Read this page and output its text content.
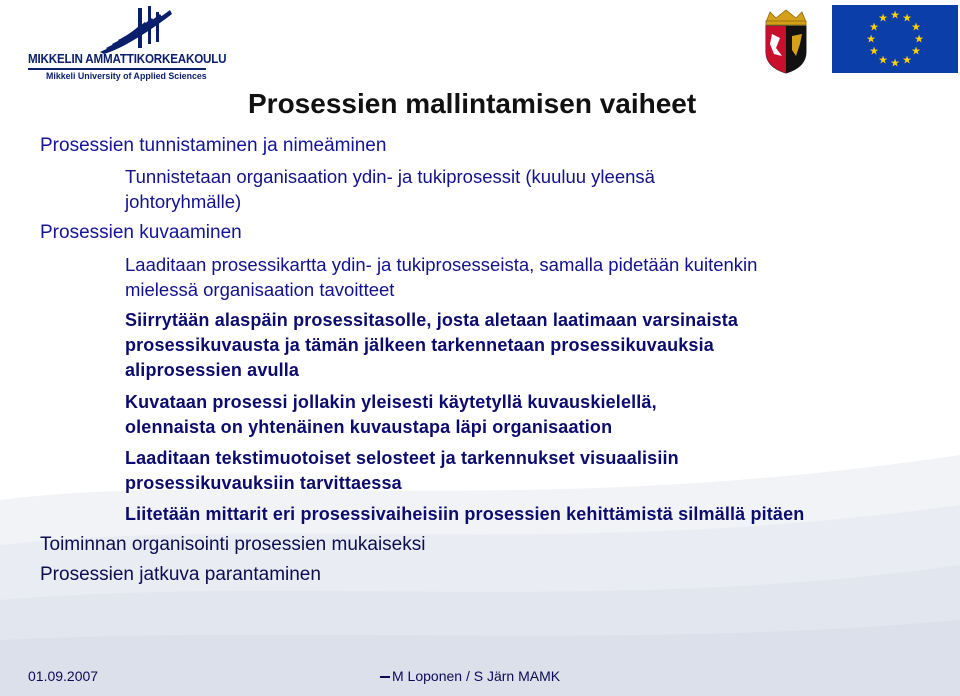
MIKKELIN AMMATTIKORKEAKOULU
Mikkeli University of Applied Sciences
★ ★
★
★
★
★
★
★
★
★
★
★
Prosessien mallintamisen vaiheet
Prosessien tunnistaminen ja nimeäminen
Tunnistetaan organisaation ydin- ja tukiprosessit (kuuluu yleensä
johtoryhmälle)
Prosessien kuvaaminen
Laaditaan prosessikartta ydin- ja tukiprosesseista, samalla pidetään kuitenkin
mielessä organisaation tavoitteet
Siirrytään alaspäin prosessitasolle, josta aletaan laatimaan varsinaista
prosessikuvausta ja tämän jälkeen tarkennetaan prosessikuvauksia
aliprosessien avulla
Kuvataan prosessi jollakin yleisesti käytetyllä kuvauskielellä,
olennaista on yhtenäinen kuvaustapa läpi organisaation
Laaditaan tekstimuotoiset selosteet ja tarkennukset visuaalisiin
prosessikuvauksiin tarvittaessa
Liitetään mittarit eri prosessivaiheisiin prosessien kehittämistä silmällä pitäen
Toiminnan organisointi prosessien mukaiseksi
Prosessien jatkuva parantaminen
01.09.2007	M Loponen / S Järn MAMK
